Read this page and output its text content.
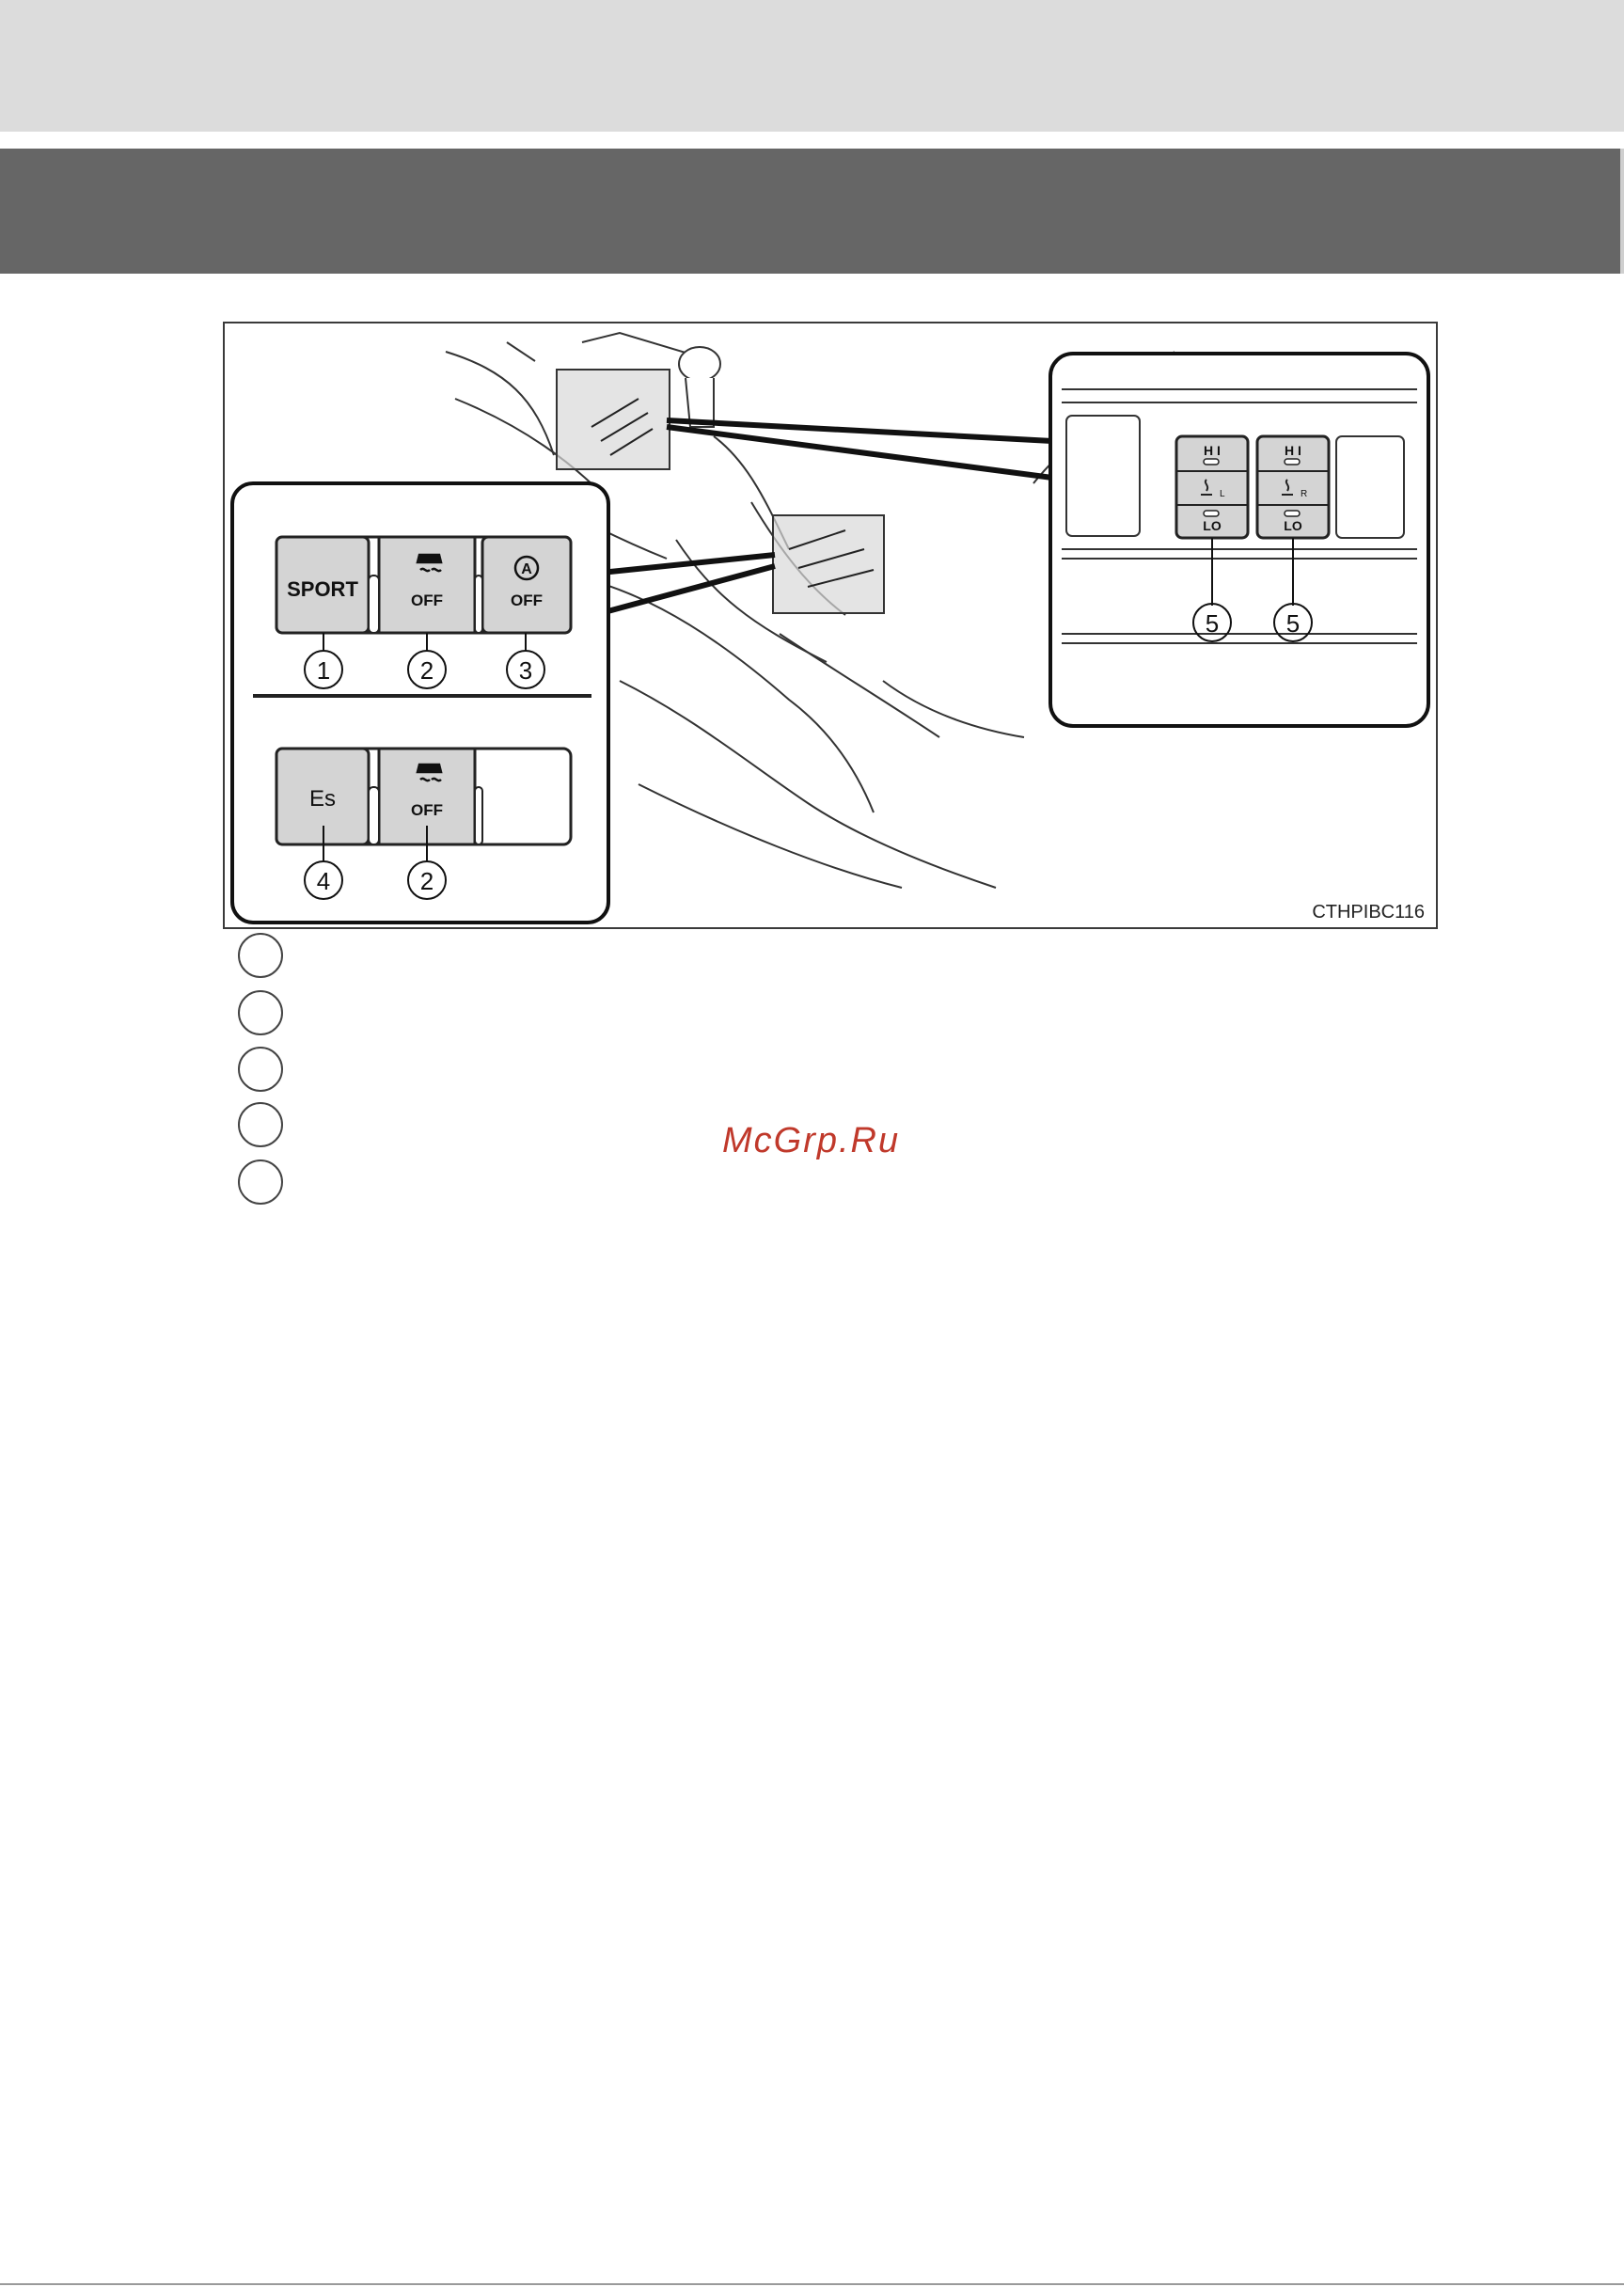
SPORT	OFF
A
OFF
1	2	3
Es	OFF
4	2
H I
L
LO
H I
R
LO
5	5
CTHPIBC116
McGrp.Ru
